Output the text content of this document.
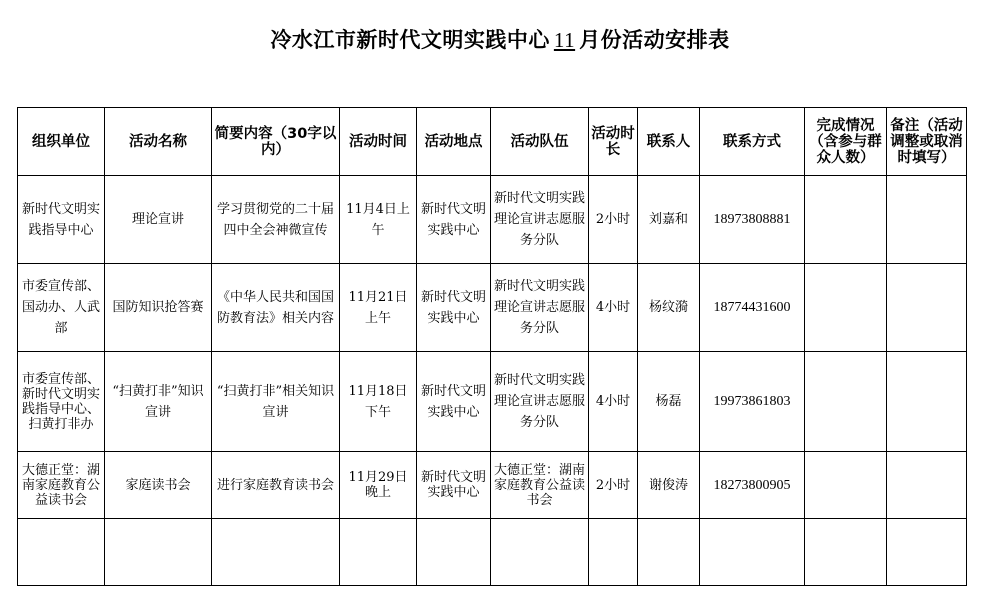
冷水江市新时代文明实践中心 11 月份活动安排表
组织单位	活动名称	简要内容（30字以内）	活动时间	活动地点	活动队伍	活动时长	联系人	联系方式	完成情况（含参与群众人数）	备注（活动调整或取消时填写）
新时代文明实践指导中心	理论宣讲	学习贯彻党的二十届四中全会神微宣传	11月4日上午	新时代文明实践中心	新时代文明实践理论宣讲志愿服务分队	2小时	刘嘉和	18973808881		
市委宣传部、国动办、人武部	国防知识抢答赛	《中华人民共和国国防教育法》相关内容	11月21日上午	新时代文明实践中心	新时代文明实践理论宣讲志愿服务分队	4小时	杨纹漪	18774431600		
市委宣传部、新时代文明实践指导中心、扫黄打非办	“扫黄打非”知识宣讲	“扫黄打非”相关知识宣讲	11月18日下午	新时代文明实践中心	新时代文明实践理论宣讲志愿服务分队	4小时	杨磊	19973861803		
大德正堂：湖南家庭教育公益读书会	家庭读书会	进行家庭教育读书会	11月29日晚上	新时代文明实践中心	大德正堂：湖南家庭教育公益读书会	2小时	谢俊涛	18273800905		
